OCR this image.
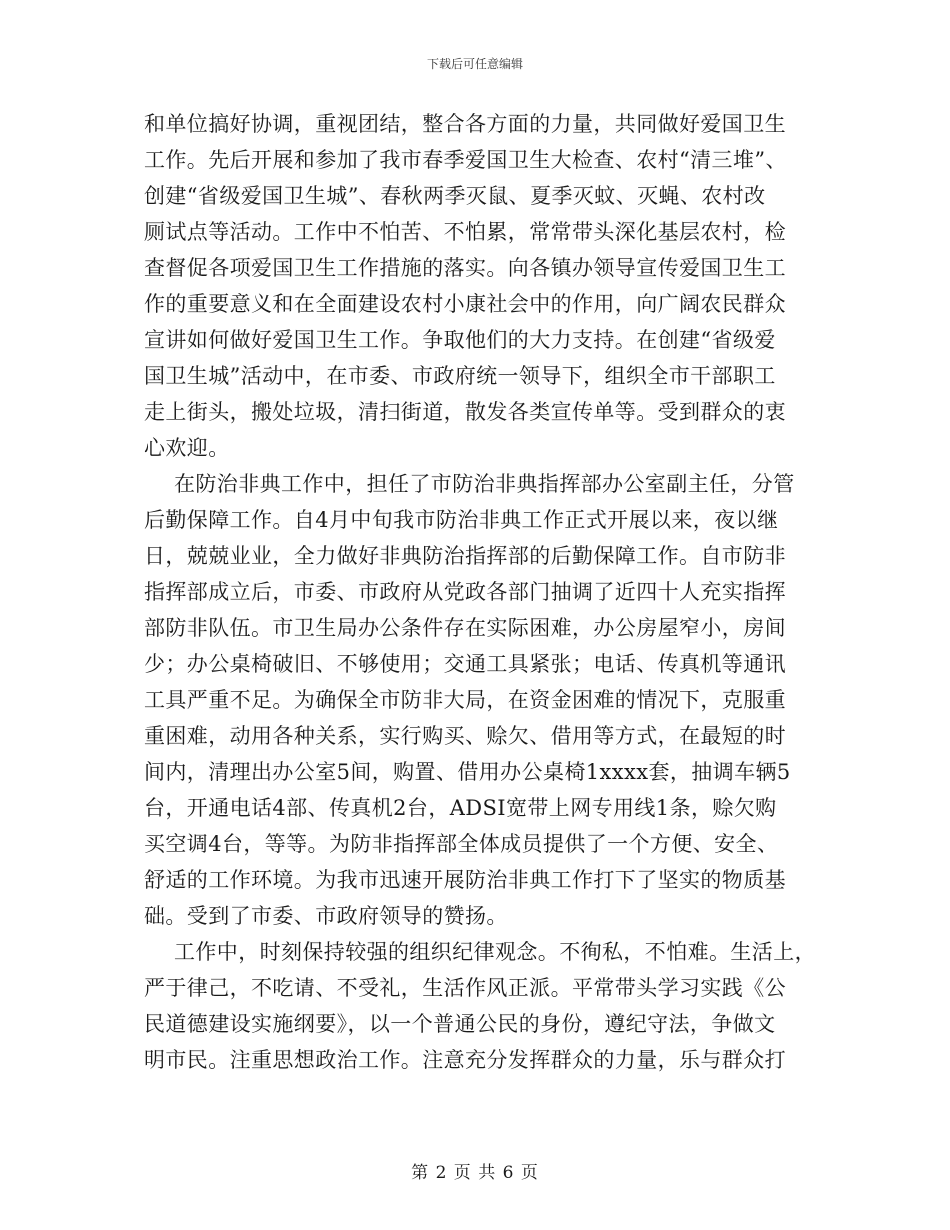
下载后可任意编辑
和单位搞好协调，重视团结，整合各方面的力量，共同做好爱国卫生
工作。先后开展和参加了我市春季爱国卫生大检查、农村“清三堆”、
创建“省级爱国卫生城”、春秋两季灭鼠、夏季灭蚊、灭蝇、农村改
厕试点等活动。工作中不怕苦、不怕累，常常带头深化基层农村，检
查督促各项爱国卫生工作措施的落实。向各镇办领导宣传爱国卫生工
作的重要意义和在全面建设农村小康社会中的作用，向广阔农民群众
宣讲如何做好爱国卫生工作。争取他们的大力支持。在创建“省级爱
国卫生城”活动中，在市委、市政府统一领导下，组织全市干部职工
走上街头，搬处垃圾，清扫街道，散发各类宣传单等。受到群众的衷
心欢迎。
在防治非典工作中，担任了市防治非典指挥部办公室副主任，分管
后勤保障工作。自4月中旬我市防治非典工作正式开展以来，夜以继
日，兢兢业业，全力做好非典防治指挥部的后勤保障工作。自市防非
指挥部成立后，市委、市政府从党政各部门抽调了近四十人充实指挥
部防非队伍。市卫生局办公条件存在实际困难，办公房屋窄小，房间
少；办公桌椅破旧、不够使用；交通工具紧张；电话、传真机等通讯
工具严重不足。为确保全市防非大局，在资金困难的情况下，克服重
重困难，动用各种关系，实行购买、赊欠、借用等方式，在最短的时
间内，清理出办公室5间，购置、借用办公桌椅1xxxx套，抽调车辆5
台，开通电话4部、传真机2台，ADSI宽带上网专用线1条，赊欠购
买空调4台，等等。为防非指挥部全体成员提供了一个方便、安全、
舒适的工作环境。为我市迅速开展防治非典工作打下了坚实的物质基
础。受到了市委、市政府领导的赞扬。
工作中，时刻保持较强的组织纪律观念。不徇私，不怕难。生活上，
严于律己，不吃请、不受礼，生活作风正派。平常带头学习实践《公
民道德建设实施纲要》，以一个普通公民的身份，遵纪守法，争做文
明市民。注重思想政治工作。注意充分发挥群众的力量，乐与群众打
第 2 页 共 6 页
